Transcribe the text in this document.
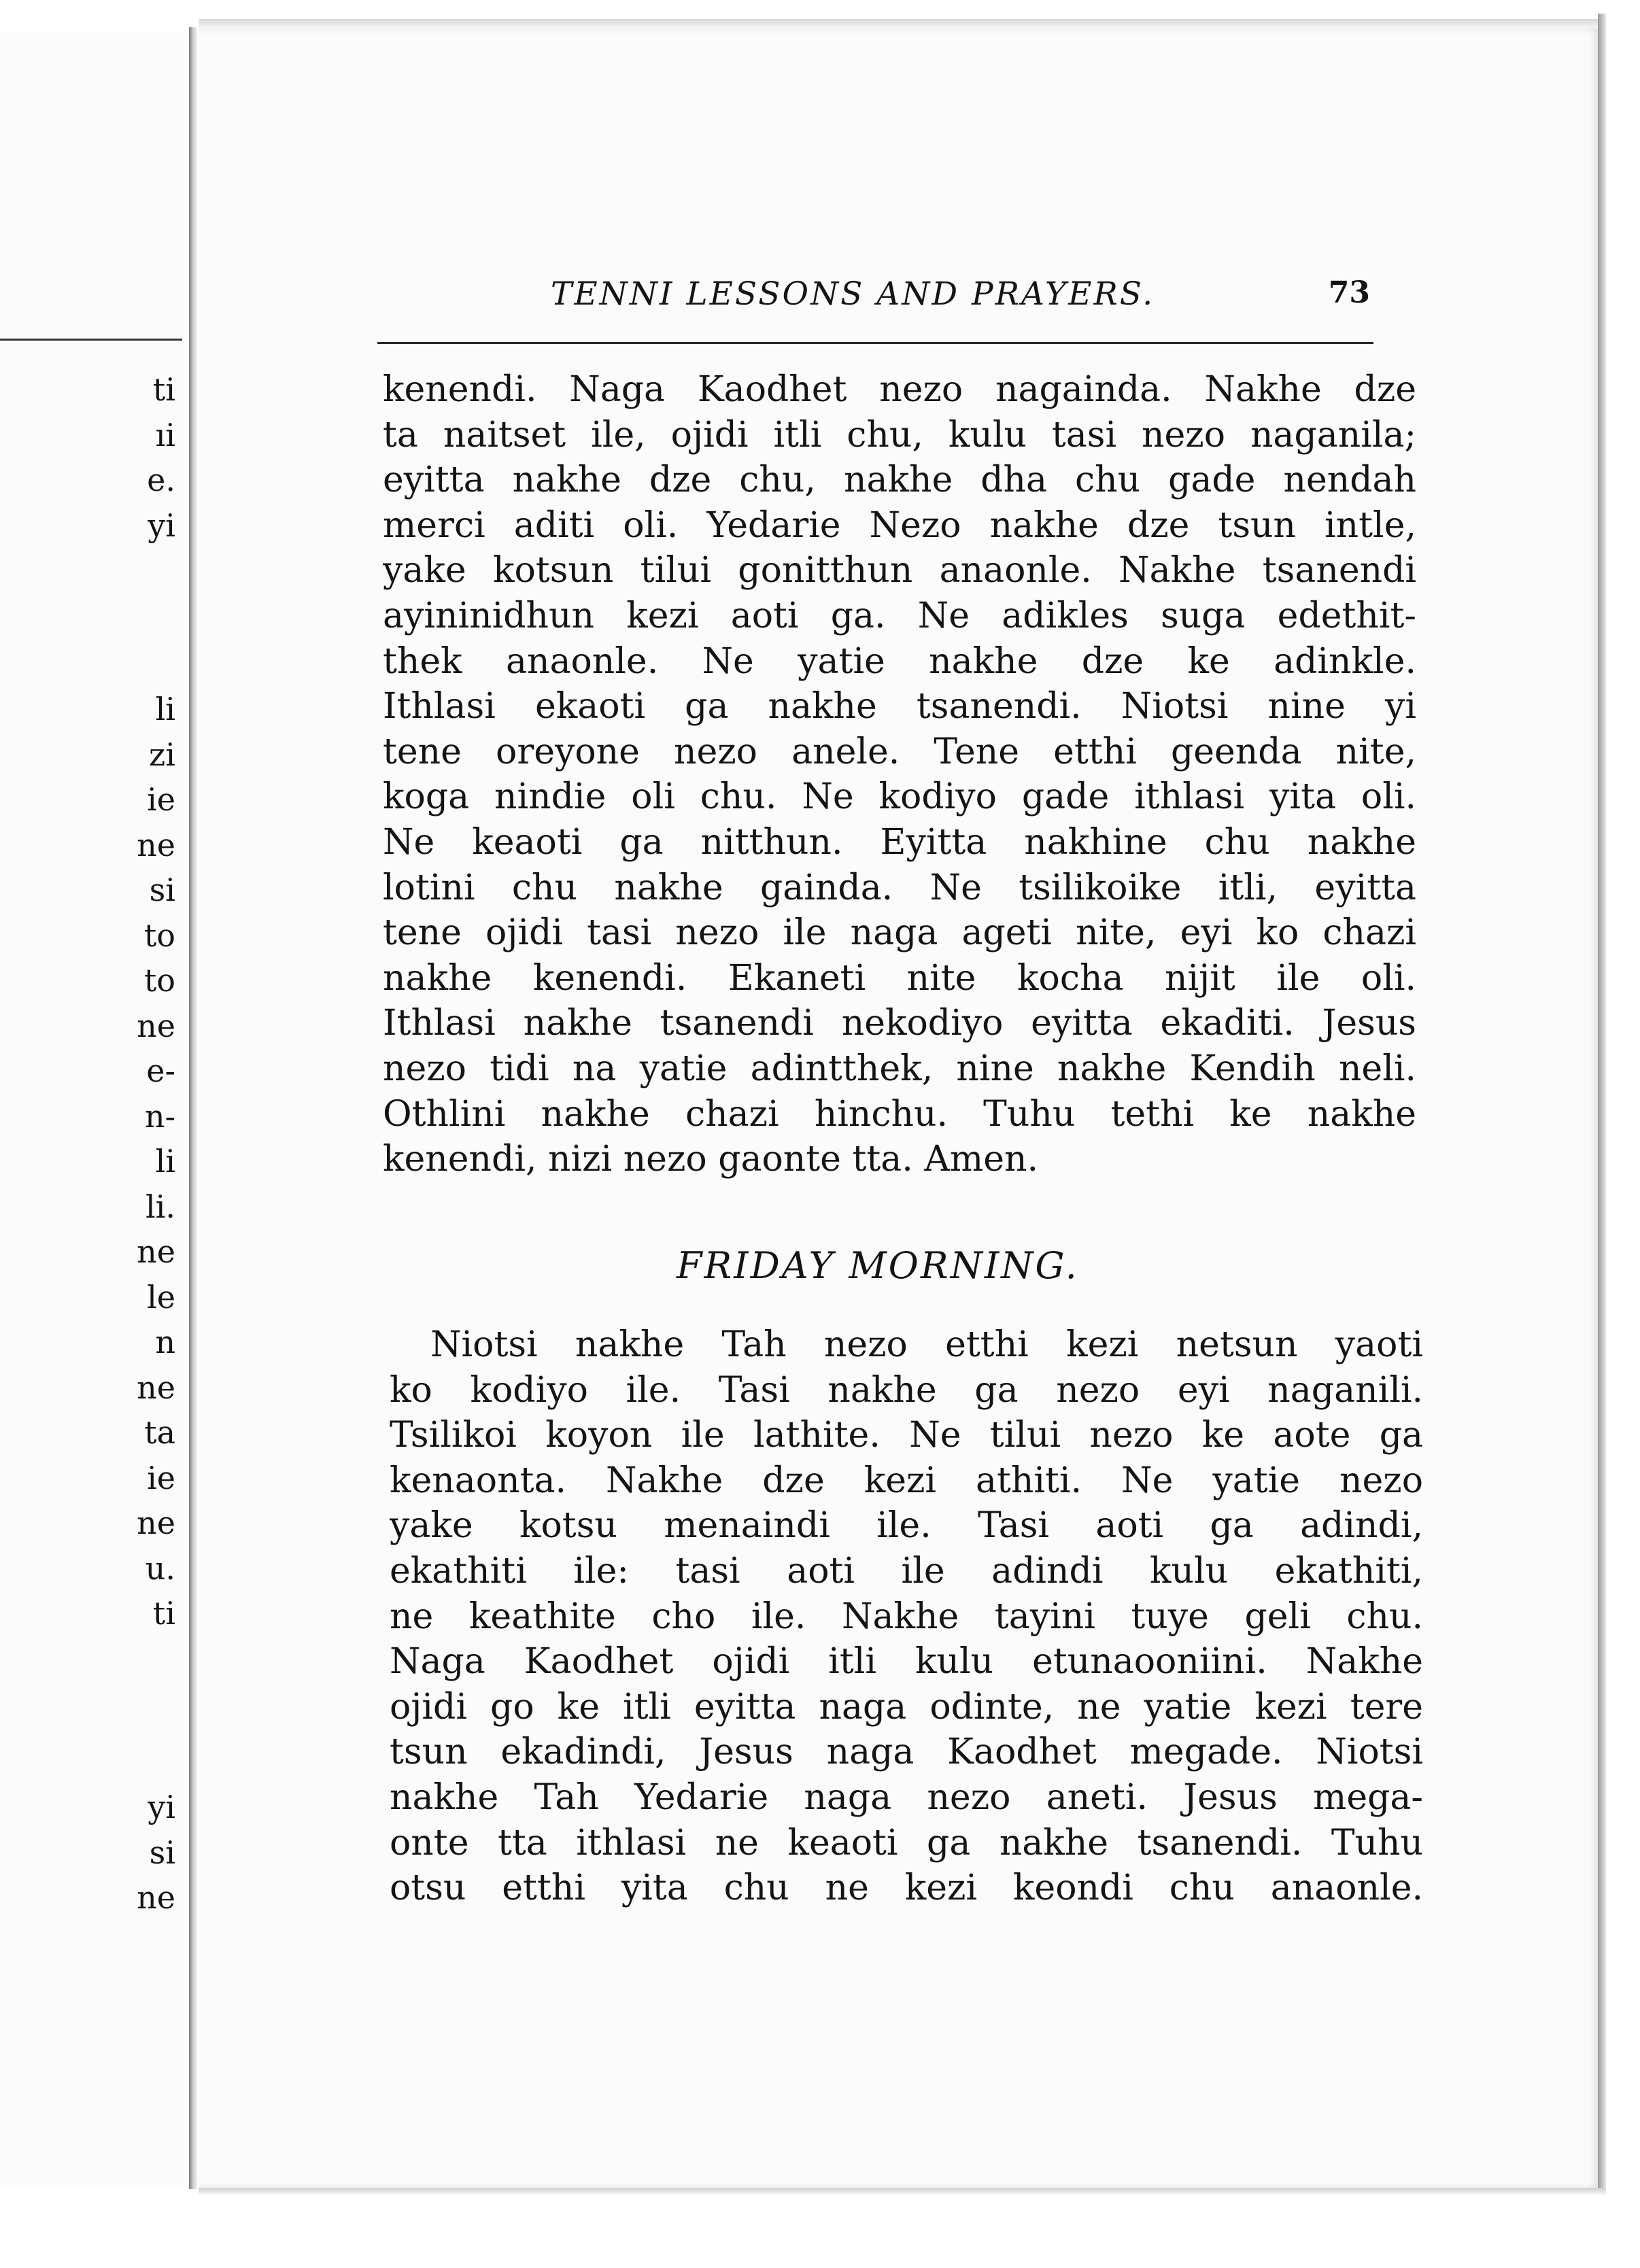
ti
ıi
e.
yi
li
zi
ie
ne
si
to
to
ne
e-
n-
li
li.
ne
le
n
ne
ta
ie
ne
u.
ti
yi
si
ne
TENNI LESSONS AND PRAYERS.	73
kenendi. Naga Kaodhet nezo nagainda. Nakhe dze
ta naitset ile, ojidi itli chu, kulu tasi nezo naganila;
eyitta nakhe dze chu, nakhe dha chu gade nendah
merci aditi oli. Yedarie Nezo nakhe dze tsun intle,
yake kotsun tilui gonitthun anaonle. Nakhe tsanendi
ayininidhun kezi aoti ga. Ne adikles suga edethit-
thek anaonle. Ne yatie nakhe dze ke adinkle.
Ithlasi ekaoti ga nakhe tsanendi. Niotsi nine yi
tene oreyone nezo anele. Tene etthi geenda nite,
koga nindie oli chu. Ne kodiyo gade ithlasi yita oli.
Ne keaoti ga nitthun. Eyitta nakhine chu nakhe
lotini chu nakhe gainda. Ne tsilikoike itli, eyitta
tene ojidi tasi nezo ile naga ageti nite, eyi ko chazi
nakhe kenendi. Ekaneti nite kocha nijit ile oli.
Ithlasi nakhe tsanendi nekodiyo eyitta ekaditi. Jesus
nezo tidi na yatie adintthek, nine nakhe Kendih neli.
Othlini nakhe chazi hinchu. Tuhu tethi ke nakhe
kenendi, nizi nezo gaonte tta. Amen.
FRIDAY MORNING.
Niotsi nakhe Tah nezo etthi kezi netsun yaoti
ko kodiyo ile. Tasi nakhe ga nezo eyi naganili.
Tsilikoi koyon ile lathite. Ne tilui nezo ke aote ga
kenaonta. Nakhe dze kezi athiti. Ne yatie nezo
yake kotsu menaindi ile. Tasi aoti ga adindi,
ekathiti ile: tasi aoti ile adindi kulu ekathiti,
ne keathite cho ile. Nakhe tayini tuye geli chu.
Naga Kaodhet ojidi itli kulu etunaooniini. Nakhe
ojidi go ke itli eyitta naga odinte, ne yatie kezi tere
tsun ekadindi, Jesus naga Kaodhet megade. Niotsi
nakhe Tah Yedarie naga nezo aneti. Jesus mega-
onte tta ithlasi ne keaoti ga nakhe tsanendi. Tuhu
otsu etthi yita chu ne kezi keondi chu anaonle.
